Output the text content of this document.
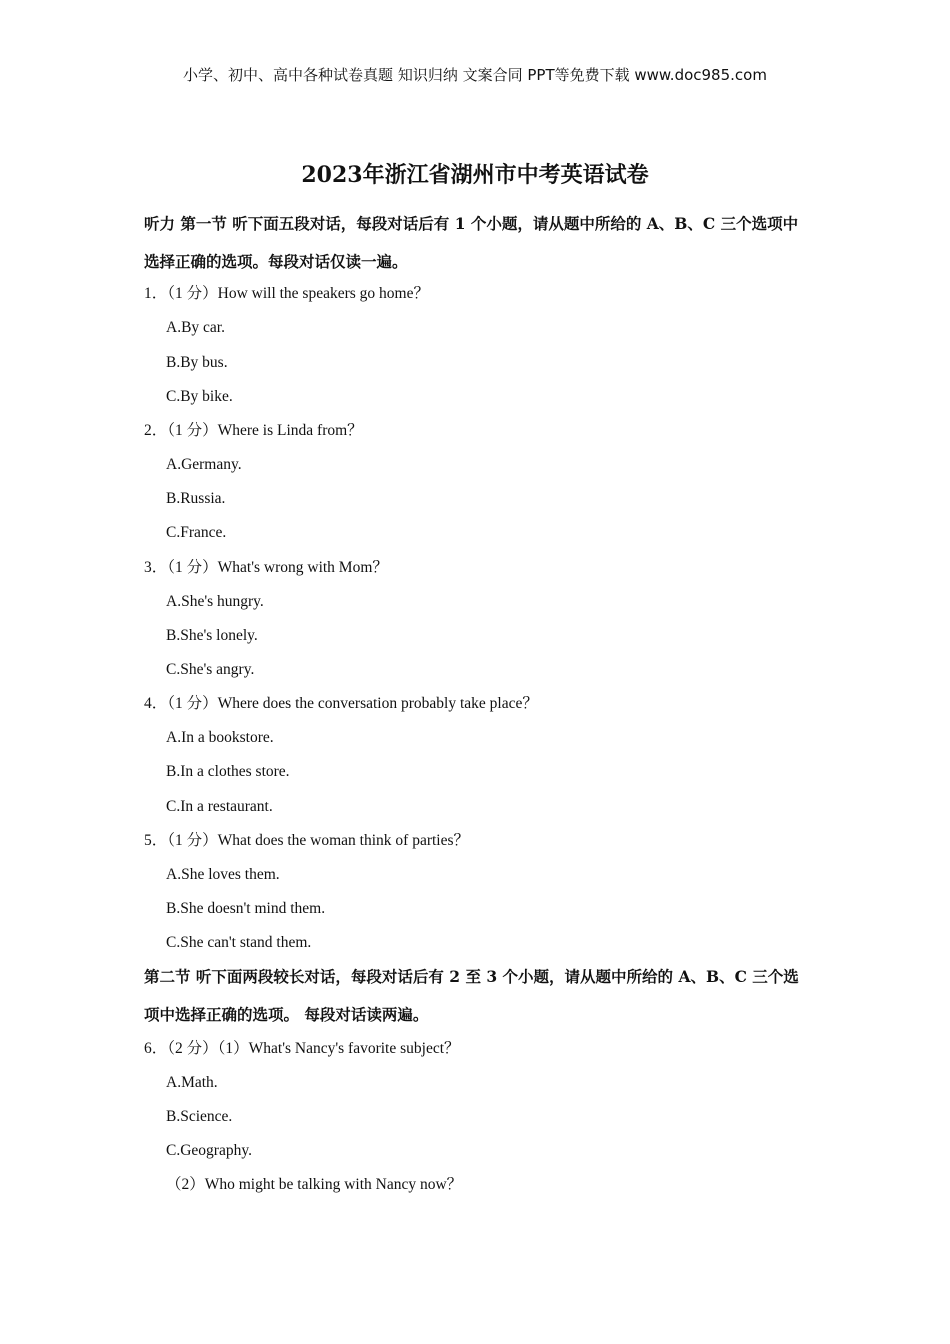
小学、初中、高中各种试卷真题 知识归纳 文案合同 PPT等免费下载 www.doc985.com
2023年浙江省湖州市中考英语试卷
听力 第一节 听下面五段对话，每段对话后有 1 个小题，请从题中所给的 A、B、C 三个选项中选择正确的选项。每段对话仅读一遍。
1．（1 分）How will the speakers go home？
A.By car.
B.By bus.
C.By bike.
2．（1 分）Where is Linda from？
A.Germany.
B.Russia.
C.France.
3．（1 分）What's wrong with Mom？
A.She's hungry.
B.She's lonely.
C.She's angry.
4．（1 分）Where does the conversation probably take place？
A.In a bookstore.
B.In a clothes store.
C.In a restaurant.
5．（1 分）What does the woman think of parties？
A.She loves them.
B.She doesn't mind them.
C.She can't stand them.
第二节 听下面两段较长对话，每段对话后有 2 至 3 个小题，请从题中所给的 A、B、C 三个选项中选择正确的选项。 每段对话读两遍。
6．（2 分）（1）What's Nancy's favorite subject？
A.Math.
B.Science.
C.Geography.
（2）Who might be talking with Nancy now？
